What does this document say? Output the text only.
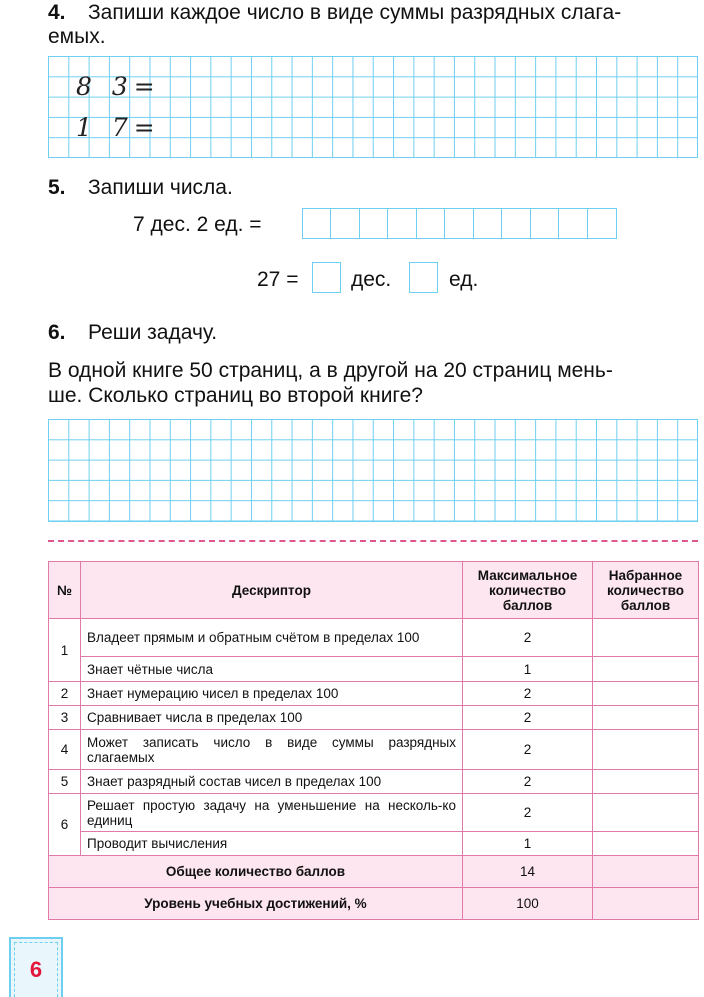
4. Запиши каждое число в виде суммы разрядных слага-

емых.

8 3=
1 7=

5. Запиши числа.

7 дес. 2 ед. =
27 =	дес.	ед.

6. Реши задачу.

В одной книге 50 страниц, а в другой на 20 страниц мень-

ше. Сколько страниц во второй книге?

№	Дескриптор	Максимальное количество баллов	Набранное количество баллов
1	Владеет прямым и обратным счётом в пределах 100	2	
	Знает чётные числа	1	
2	Знает нумерацию чисел в пределах 100	2	
3	Сравнивает числа в пределах 100	2	
4	Может записать число в виде суммы разрядных слагаемых	2	
5	Знает разрядный состав чисел в пределах 100	2	
6	Решает простую задачу на уменьшение на несколь-ко единиц	2	
	Проводит вычисления	1	
Общее количество баллов		14	
Уровень учебных достижений, %		100	
6
